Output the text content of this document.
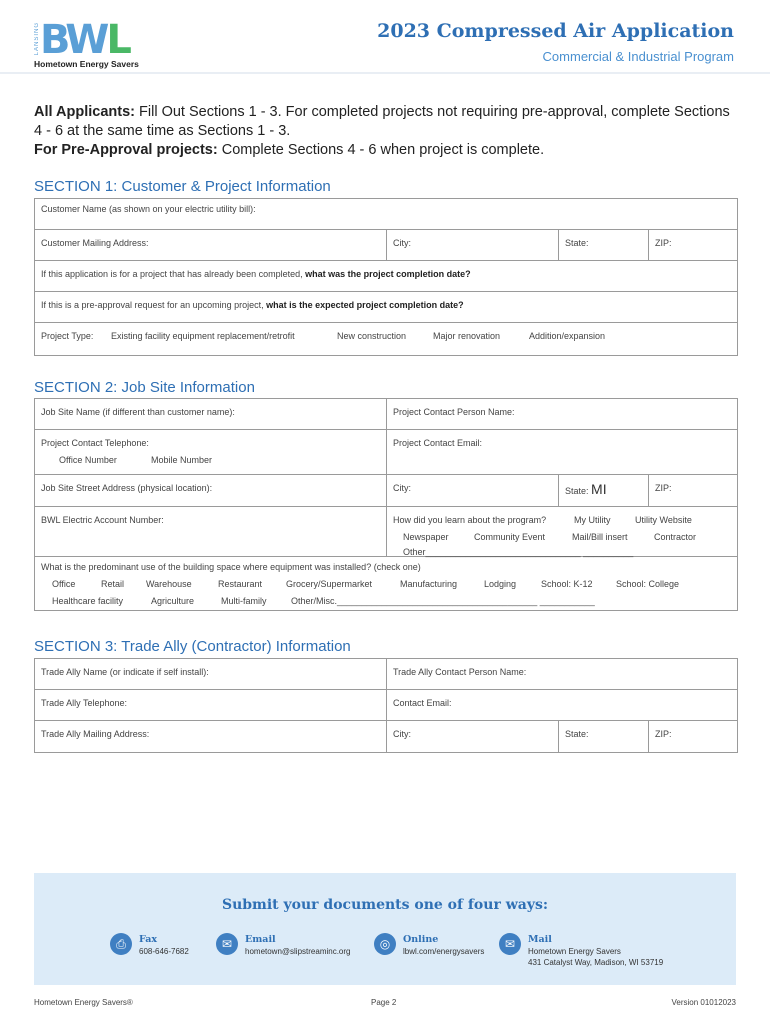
LANSING BWL
Hometown Energy Savers
2023 Compressed Air Application
Commercial & Industrial Program
All Applicants: Fill Out Sections 1 - 3. For completed projects not requiring pre-approval, complete Sections 4 - 6 at the same time as Sections 1 - 3.
For Pre-Approval projects: Complete Sections 4 - 6 when project is complete.
SECTION 1: Customer & Project Information
Customer Name (as shown on your electric utility bill):
Customer Mailing Address:	City:	State:	ZIP:
If this application is for a project that has already been completed, what was the project completion date?
If this is a pre-approval request for an upcoming project, what is the expected project completion date?
Project Type: Existing facility equipment replacement/retrofit	New construction	Major renovation	Addition/expansion
SECTION 2: Job Site Information
Job Site Name (if different than customer name):	Project Contact Person Name:
Project Contact Telephone:
Office Number	Mobile Number
Project Contact Email:
Job Site Street Address (physical location):	City:	State: MI	ZIP:
BWL Electric Account Number:	How did you learn about the program?	My Utility	Utility Website
Newspaper	Community Event	Mail/Bill insert	Contractor
Other_______________________________ __________
What is the predominant use of the building space where equipment was installed? (check one)
Office	Retail Warehouse	Restaurant	Grocery/Supermarket	Manufacturing	Lodging	School: K-12	School: College
Healthcare facility	Agriculture	Multi-family	Other/Misc.________________________________________ ___________
SECTION 3: Trade Ally (Contractor) Information
Trade Ally Name (or indicate if self install):	Trade Ally Contact Person Name:
Trade Ally Telephone:	Contact Email:
Trade Ally Mailing Address:	City:	State:	ZIP:
Submit your documents one of four ways:
⎙	Fax
608-646-7682
✉	Email
hometown@slipstreaminc.org
◎	Online
lbwl.com/energysavers
✉	Mail
Hometown Energy Savers
431 Catalyst Way, Madison, WI 53719
Hometown Energy Savers®	Page 2	Version 01012023
